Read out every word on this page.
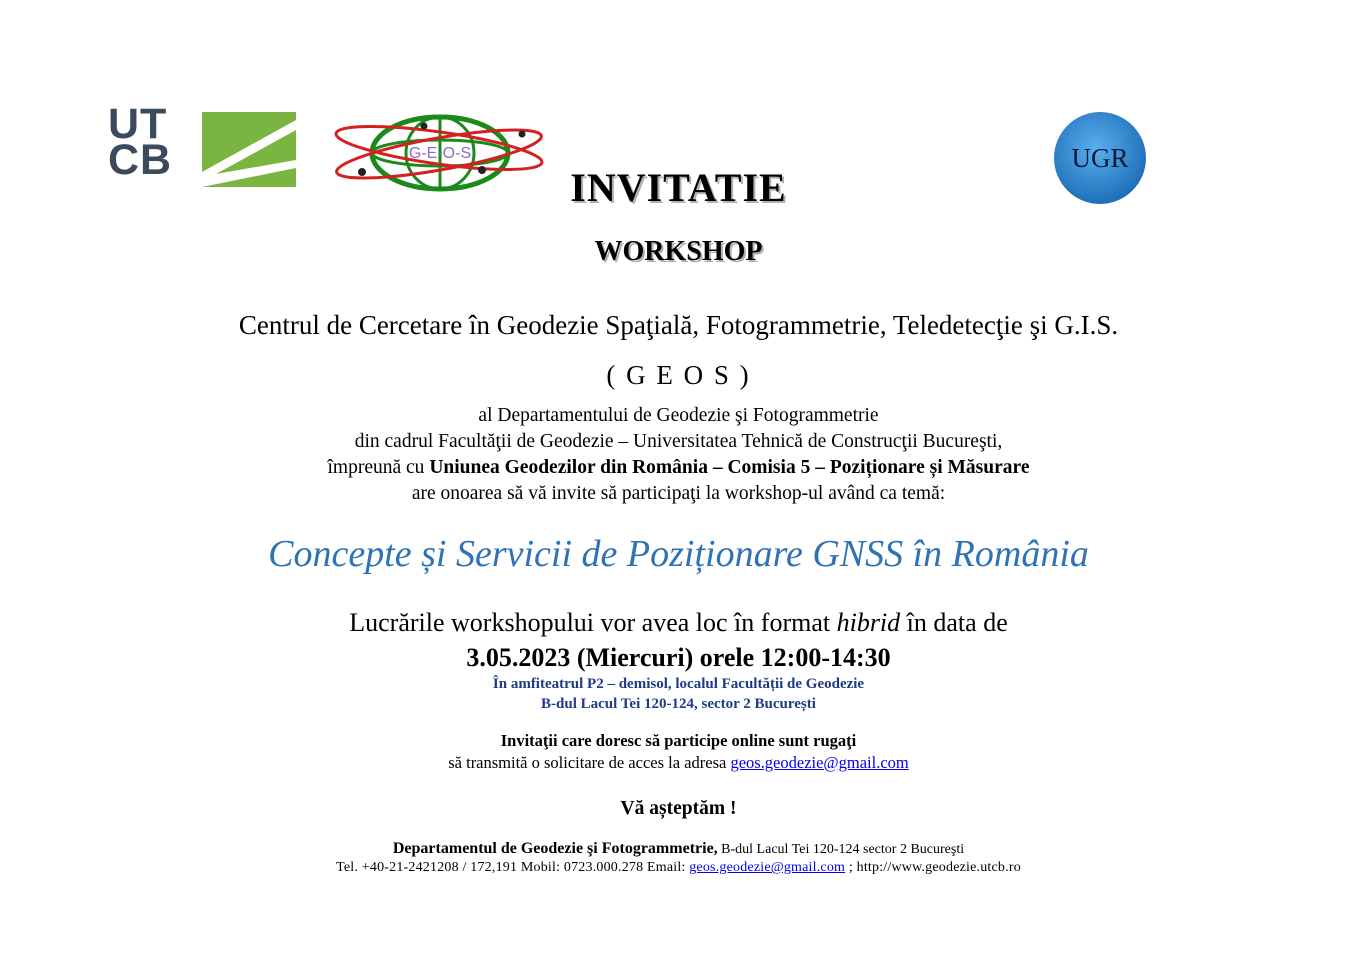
UT
CB	G-E-O-S	UGR
INVITATIE
WORKSHOP
Centrul de Cercetare în Geodezie Spaţială, Fotogrammetrie, Teledetecţie şi G.I.S.
( G E O S )
al Departamentului de Geodezie şi Fotogrammetrie
din cadrul Facultăţii de Geodezie – Universitatea Tehnică de Construcţii Bucureşti,
împreună cu Uniunea Geodezilor din România – Comisia 5 – Poziționare și Măsurare
are onoarea să vă invite să participaţi la workshop-ul având ca temă:
Concepte și Servicii de Poziționare GNSS în România
Lucrările workshopului vor avea loc în format hibrid în data de
3.05.2023 (Miercuri) orele 12:00-14:30
În amfiteatrul P2 – demisol, localul Facultății de Geodezie
B-dul Lacul Tei 120-124, sector 2 București
Invitaţii care doresc să participe online sunt rugaţi
să transmită o solicitare de acces la adresa geos.geodezie@gmail.com
Vă așteptăm !
Departamentul de Geodezie şi Fotogrammetrie, B-dul Lacul Tei 120-124 sector 2 Bucureşti
Tel. +40-21-2421208 / 172,191 Mobil: 0723.000.278 Email: geos.geodezie@gmail.com ; http://www.geodezie.utcb.ro
